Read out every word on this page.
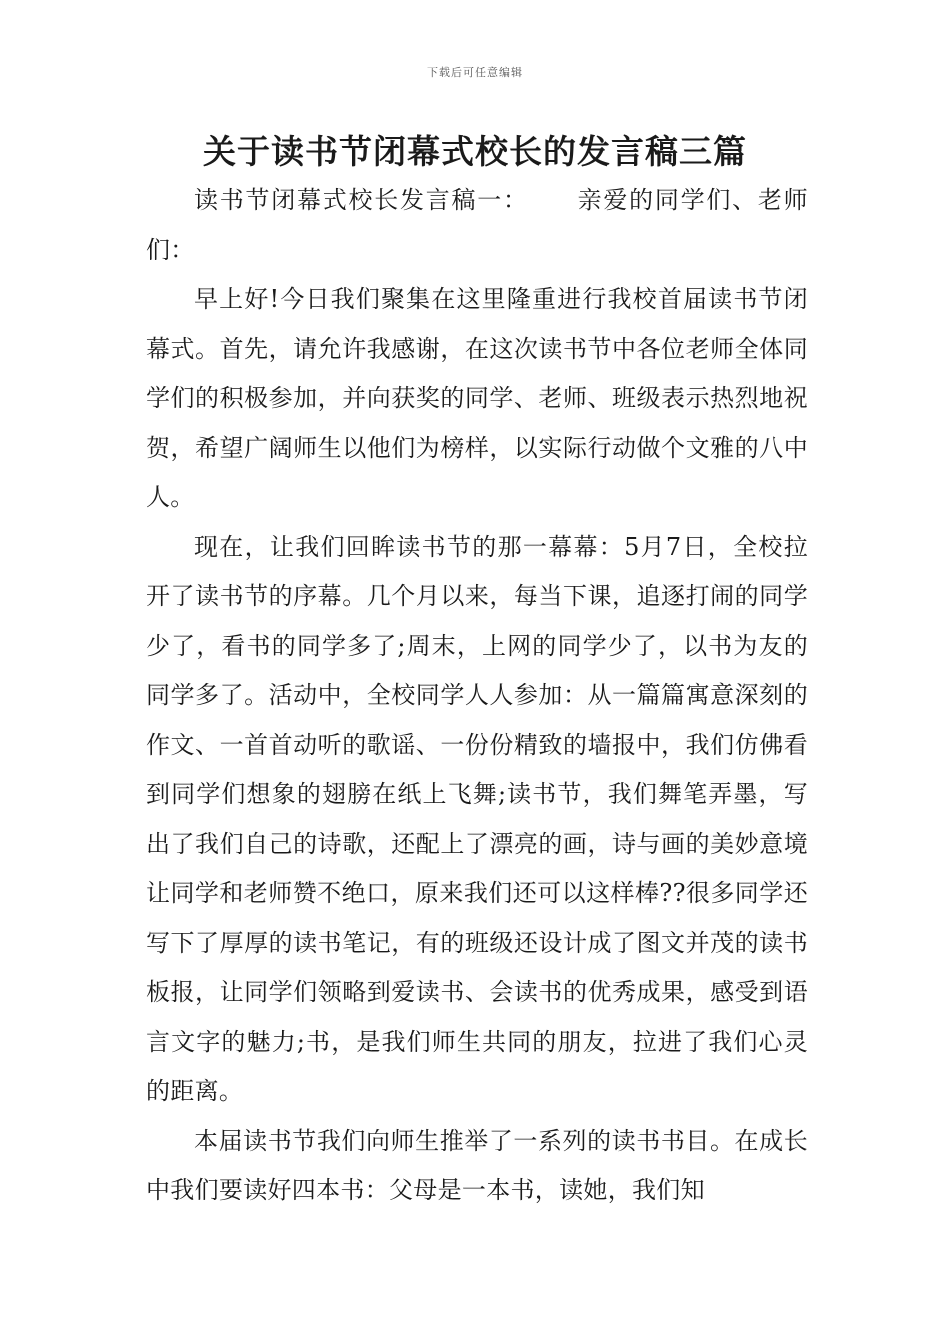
下载后可任意编辑
关于读书节闭幕式校长的发言稿三篇

读书节闭幕式校长发言稿一：　　 亲爱的同学们、老师们：

早上好!今日我们聚集在这里隆重进行我校首届读书节闭幕式。首先，请允许我感谢，在这次读书节中各位老师全体同学们的积极参加，并向获奖的同学、老师、班级表示热烈地祝贺，希望广阔师生以他们为榜样，以实际行动做个文雅的八中人。

现在，让我们回眸读书节的那一幕幕：5月7日，全校拉开了读书节的序幕。几个月以来，每当下课，追逐打闹的同学少了，看书的同学多了;周末，上网的同学少了，以书为友的同学多了。活动中，全校同学人人参加：从一篇篇寓意深刻的作文、一首首动听的歌谣、一份份精致的墙报中，我们仿佛看到同学们想象的翅膀在纸上飞舞;读书节，我们舞笔弄墨，写出了我们自己的诗歌，还配上了漂亮的画，诗与画的美妙意境让同学和老师赞不绝口，原来我们还可以这样棒??很多同学还写下了厚厚的读书笔记，有的班级还设计成了图文并茂的读书板报，让同学们领略到爱读书、会读书的优秀成果，感受到语言文字的魅力;书，是我们师生共同的朋友，拉进了我们心灵的距离。

本届读书节我们向师生推举了一系列的读书书目。在成长中我们要读好四本书：父母是一本书，读她，我们知
